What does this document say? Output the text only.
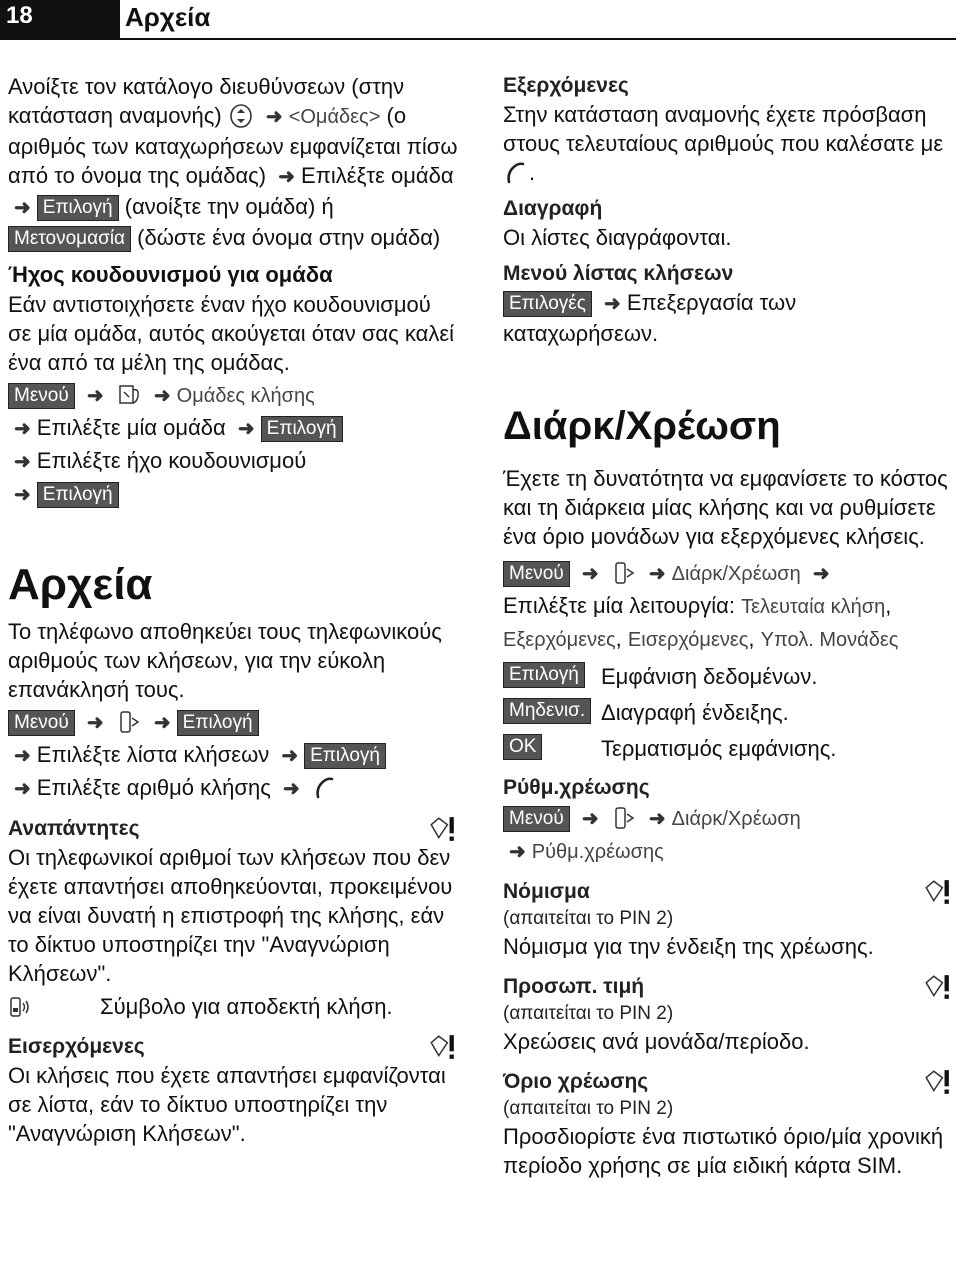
18	Αρχεία

Ανοίξτε τον κατάλογο διευθύνσεων (στην κατάσταση αναμονής) ➜ <Ομάδες> (ο αριθμός των καταχωρήσεων εμφανίζεται πίσω από το όνομα της ομάδας) ➜ Επιλέξτε ομάδα ➜ Επιλογή (ανοίξτε την ομάδα) ή Μετονομασία (δώστε ένα όνομα στην ομάδα)

Ήχος κουδουνισμού για ομάδα

Εάν αντιστοιχήσετε έναν ήχο κουδουνισμού σε μία ομάδα, αυτός ακούγεται όταν σας καλεί ένα από τα μέλη της ομάδας.

Μενού ➜	➜ Ομάδες κλήσης
➜ Επιλέξτε μία ομάδα ➜ Επιλογή
➜ Επιλέξτε ήχο κουδουνισμού
➜ Επιλογή

Αρχεία

Το τηλέφωνο αποθηκεύει τους τηλεφωνικούς αριθμούς των κλήσεων, για την εύκολη επανάκλησή τους.

Μενού ➜	➜ Επιλογή
➜ Επιλέξτε λίστα κλήσεων ➜ Επιλογή
➜ Επιλέξτε αριθμό κλήσης ➜

Αναπάντητες

Οι τηλεφωνικοί αριθμοί των κλήσεων που δεν έχετε απαντήσει αποθηκεύονται, προκειμένου να είναι δυνατή η επιστροφή της κλήσης, εάν το δίκτυο υποστηρίζει την "Αναγνώριση Κλήσεων".

Σύμβολο για αποδεκτή κλήση.

Εισερχόμενες

Οι κλήσεις που έχετε απαντήσει εμφανίζονται σε λίστα, εάν το δίκτυο υποστηρίζει την "Αναγνώριση Κλήσεων".

Εξερχόμενες

Στην κατάσταση αναμονής έχετε πρόσβαση στους τελευταίους αριθμούς που καλέσατε με .

Διαγραφή

Οι λίστες διαγράφονται.

Μενού λίστας κλήσεων

Επιλογές ➜ Επεξεργασία των καταχωρήσεων.

Διάρκ/Χρέωση

Έχετε τη δυνατότητα να εμφανίσετε το κόστος και τη διάρκεια μίας κλήσης και να ρυθμίσετε ένα όριο μονάδων για εξερχόμενες κλήσεις.

Μενού ➜	➜ Διάρκ/Χρέωση ➜
Επιλέξτε μία λειτουργία: Τελευταία κλήση, Εξερχόμενες, Εισερχόμενες, Υπολ. Μονάδες

Επιλογή	Εμφάνιση δεδομένων.
Μηδενισ. Διαγραφή ένδειξης.
OK	Τερματισμός εμφάνισης.
Ρύθμ.χρέωσης

Μενού ➜	➜ Διάρκ/Χρέωση
➜ Ρύθμ.χρέωσης

Νόμισμα
(απαιτείται το PIN 2)

Νόμισμα για την ένδειξη της χρέωσης.

Προσωπ. τιμή
(απαιτείται το PIN 2)

Χρεώσεις ανά μονάδα/περίοδο.

Όριο χρέωσης
(απαιτείται το PIN 2)

Προσδιορίστε ένα πιστωτικό όριο/μία χρονική περίοδο χρήσης σε μία ειδική κάρτα SIM.
